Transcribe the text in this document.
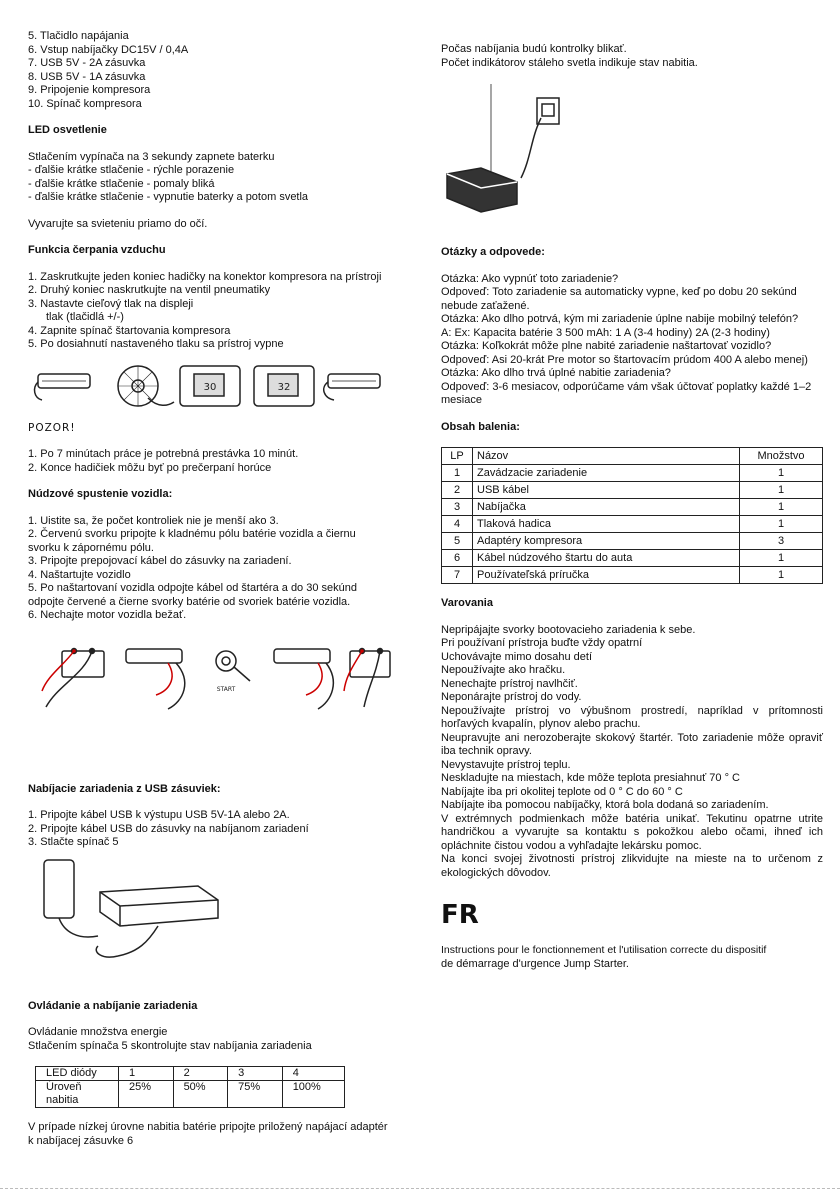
5. Tlačidlo napájania
6. Vstup nabíjačky DC15V / 0,4A
7. USB 5V - 2A zásuvka
8. USB 5V - 1A zásuvka
9. Pripojenie kompresora
10. Spínač kompresora
LED osvetlenie
Stlačením vypínača na 3 sekundy zapnete baterku
- ďalšie krátke stlačenie - rýchle porazenie
- ďalšie krátke stlačenie - pomaly bliká
- ďalšie krátke stlačenie - vypnutie baterky a potom svetla
Vyvarujte sa svieteniu priamo do očí.
Funkcia čerpania vzduchu
1. Zaskrutkujte jeden koniec hadičky na konektor kompresora na prístroji
2. Druhý koniec naskrutkujte na ventil pneumatiky
3. Nastavte cieľový tlak na displeji
tlak (tlačidlá +/-)
4. Zapnite spínač štartovania kompresora
5. Po dosiahnutí nastaveného tlaku sa prístroj vypne
30	32
POZOR!
1. Po 7 minútach práce je potrebná prestávka 10 minút.
2. Konce hadičiek môžu byť po prečerpaní horúce
Núdzové spustenie vozidla:
1. Uistite sa, že počet kontroliek nie je menší ako 3.
2. Červenú svorku pripojte k kladnému pólu batérie vozidla a čiernu svorku k zápornému pólu.
3. Pripojte prepojovací kábel do zásuvky na zariadení.
4. Naštartujte vozidlo
5. Po naštartovaní vozidla odpojte kábel od štartéra a do 30 sekúnd odpojte červené a čierne svorky batérie od svoriek batérie vozidla.
6. Nechajte motor vozidla bežať.
START
Nabíjacie zariadenia z USB zásuviek:
1. Pripojte kábel USB k výstupu USB 5V-1A alebo 2A.
2. Pripojte kábel USB do zásuvky na nabíjanom zariadení
3. Stlačte spínač 5
Ovládanie a nabíjanie zariadenia
Ovládanie množstva energie
Stlačením spínača 5 skontrolujte stav nabíjania zariadenia
LED diódy	1	2	3	4
Úroveň nabitia	25%	50%	75%	100%
V prípade nízkej úrovne nabitia batérie pripojte priložený napájací adaptér k nabíjacej zásuvke 6
Počas nabíjania budú kontrolky blikať.
Počet indikátorov stáleho svetla indikuje stav nabitia.
Otázky a odpovede:
Otázka: Ako vypnúť toto zariadenie?
Odpoveď: Toto zariadenie sa automaticky vypne, keď po dobu 20 sekúnd nebude zaťažené.
Otázka: Ako dlho potrvá, kým mi zariadenie úplne nabije mobilný telefón?
A: Ex: Kapacita batérie 3 500 mAh: 1 A (3-4 hodiny) 2A (2-3 hodiny)
Otázka: Koľkokrát môže plne nabité zariadenie naštartovať vozidlo?
Odpoveď: Asi 20-krát Pre motor so štartovacím prúdom 400 A alebo menej)
Otázka: Ako dlho trvá úplné nabitie zariadenia?
Odpoveď: 3-6 mesiacov, odporúčame vám však účtovať poplatky každé 1–2 mesiace
Obsah balenia:
LP	Názov	Množstvo
1	Zavádzacie zariadenie	1
2	USB kábel	1
3	Nabíjačka	1
4	Tlaková hadica	1
5	Adaptéry kompresora	3
6	Kábel núdzového štartu do auta	1
7	Používateľská príručka	1
Varovania
Nepripájajte svorky bootovacieho zariadenia k sebe.
Pri používaní prístroja buďte vždy opatrní
Uchovávajte mimo dosahu detí
Nepoužívajte ako hračku.
Nenechajte prístroj navlhčiť.
Neponárajte prístroj do vody.
Nepoužívajte prístroj vo výbušnom prostredí, napríklad v prítomnosti horľavých kvapalín, plynov alebo prachu.
Neupravujte ani nerozoberajte skokový štartér. Toto zariadenie môže opraviť iba technik opravy.
Nevystavujte prístroj teplu.
Neskladujte na miestach, kde môže teplota presiahnuť 70 ° C
Nabíjajte iba pri okolitej teplote od 0 ° C do 60 ° C
Nabíjajte iba pomocou nabíjačky, ktorá bola dodaná so zariadením.
V extrémnych podmienkach môže batéria unikať. Tekutinu opatrne utrite handričkou a vyvarujte sa kontaktu s pokožkou alebo očami, ihneď ich opláchnite čistou vodou a vyhľadajte lekársku pomoc.
Na konci svojej životnosti prístroj zlikvidujte na mieste na to určenom z ekologických dôvodov.
FR
Instructions pour le fonctionnement et l'utilisation correcte du dispositif
de démarrage d'urgence Jump Starter.
